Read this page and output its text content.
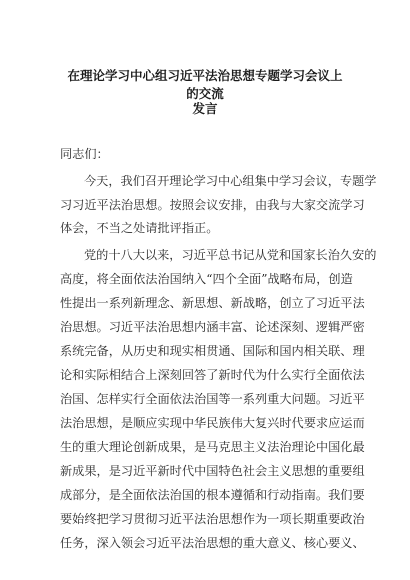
在理论学习中心组习近平法治思想专题学习会议上的交流
发言
同志们：
今天，我们召开理论学习中心组集中学习会议，专题学
习习近平法治思想。按照会议安排，由我与大家交流学习
体会，不当之处请批评指正。
党的十八大以来，习近平总书记从党和国家长治久安的
高度，将全面依法治国纳入“四个全面”战略布局，创造
性提出一系列新理念、新思想、新战略，创立了习近平法
治思想。习近平法治思想内涵丰富、论述深刻、逻辑严密
系统完备，从历史和现实相贯通、国际和国内相关联、理
论和实际相结合上深刻回答了新时代为什么实行全面依法
治国、怎样实行全面依法治国等一系列重大问题。习近平
法治思想，是顺应实现中华民族伟大复兴时代要求应运而
生的重大理论创新成果，是马克思主义法治理论中国化最
新成果，是习近平新时代中国特色社会主义思想的重要组
成部分，是全面依法治国的根本遵循和行动指南。我们要
要始终把学习贯彻习近平法治思想作为一项长期重要政治
任务，深入领会习近平法治思想的重大意义、核心要义、
